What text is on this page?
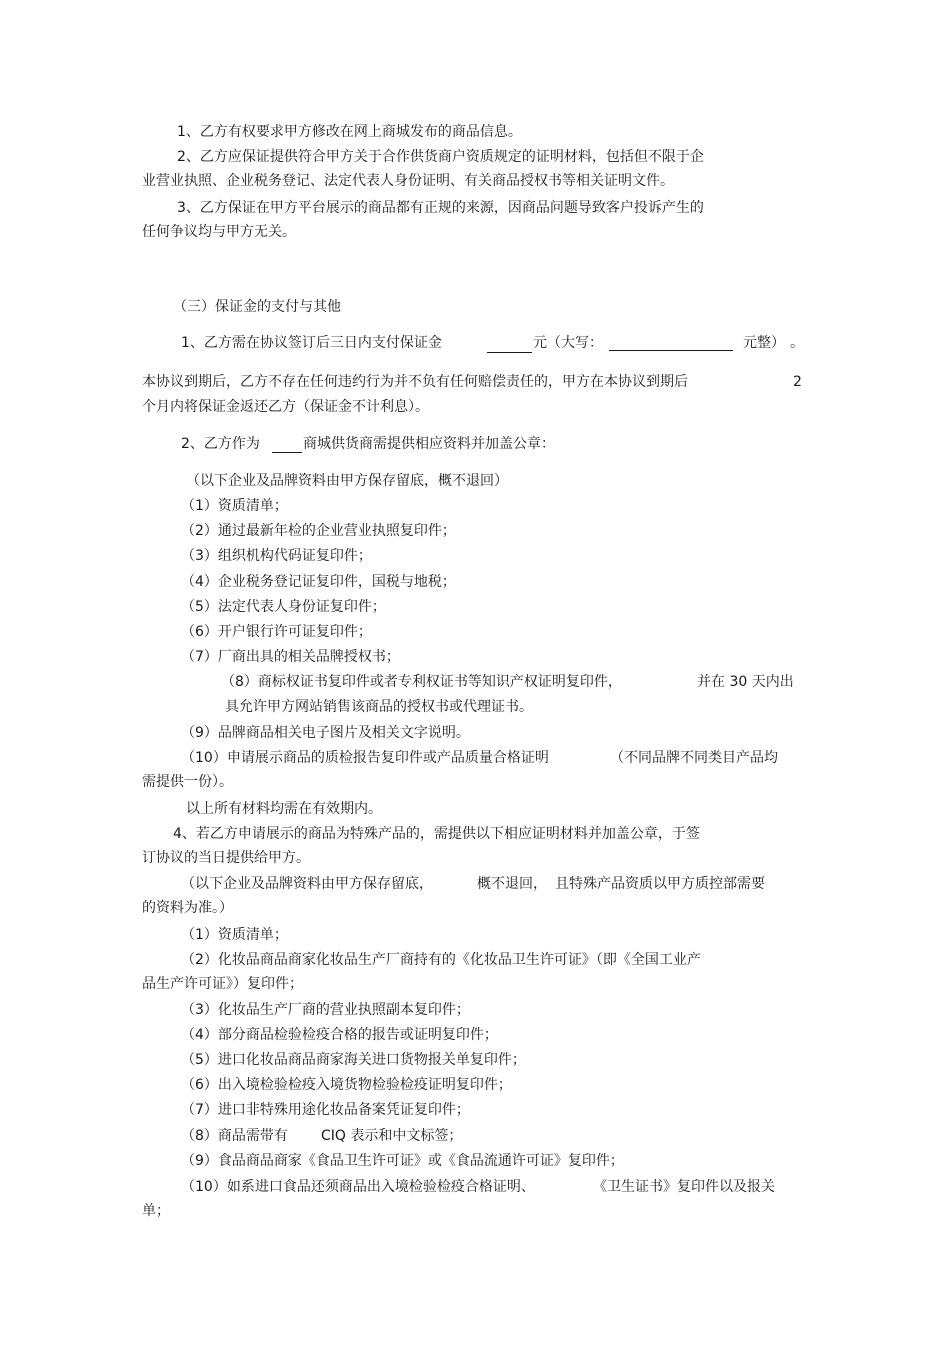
1、乙方有权要求甲方修改在网上商城发布的商品信息。
2、乙方应保证提供符合甲方关于合作供货商户资质规定的证明材料，包括但不限于企
业营业执照、企业税务登记、法定代表人身份证明、有关商品授权书等相关证明文件。
3、乙方保证在甲方平台展示的商品都有正规的来源，因商品问题导致客户投诉产生的
任何争议均与甲方无关。
（三）保证金的支付与其他
1、乙方需在协议签订后三日内支付保证金	元（大写：	元整） 。
本协议到期后，乙方不存在任何违约行为并不负有任何赔偿责任的，甲方在本协议到期后	2
个月内将保证金返还乙方（保证金不计利息）。
2、乙方作为	商城供货商需提供相应资料并加盖公章：
（以下企业及品牌资料由甲方保存留底，概不退回）
（1）资质清单；
（2）通过最新年检的企业营业执照复印件；
（3）组织机构代码证复印件；
（4）企业税务登记证复印件，国税与地税；
（5）法定代表人身份证复印件；
（6）开户银行许可证复印件；
（7）厂商出具的相关品牌授权书；
（8）商标权证书复印件或者专利权证书等知识产权证明复印件，	并在 30 天内出
具允许甲方网站销售该商品的授权书或代理证书。
（9）品牌商品相关电子图片及相关文字说明。
（10）申请展示商品的质检报告复印件或产品质量合格证明	（不同品牌不同类目产品均
需提供一份）。
以上所有材料均需在有效期内。
4、若乙方申请展示的商品为特殊产品的，需提供以下相应证明材料并加盖公章，于签
订协议的当日提供给甲方。
（以下企业及品牌资料由甲方保存留底，	概不退回， 且特殊产品资质以甲方质控部需要
的资料为准。）
（1）资质清单；
（2）化妆品商品商家化妆品生产厂商持有的《化妆品卫生许可证》（即《全国工业产
品生产许可证》）复印件；
（3）化妆品生产厂商的营业执照副本复印件；
（4）部分商品检验检疫合格的报告或证明复印件；
（5）进口化妆品商品商家海关进口货物报关单复印件；
（6）出入境检验检疫入境货物检验检疫证明复印件；
（7）进口非特殊用途化妆品备案凭证复印件；
（8）商品需带有 CIQ 表示和中文标签；
（9）食品商品商家《食品卫生许可证》或《食品流通许可证》复印件；
（10）如系进口食品还须商品出入境检验检疫合格证明、	《卫生证书》复印件以及报关
单；
